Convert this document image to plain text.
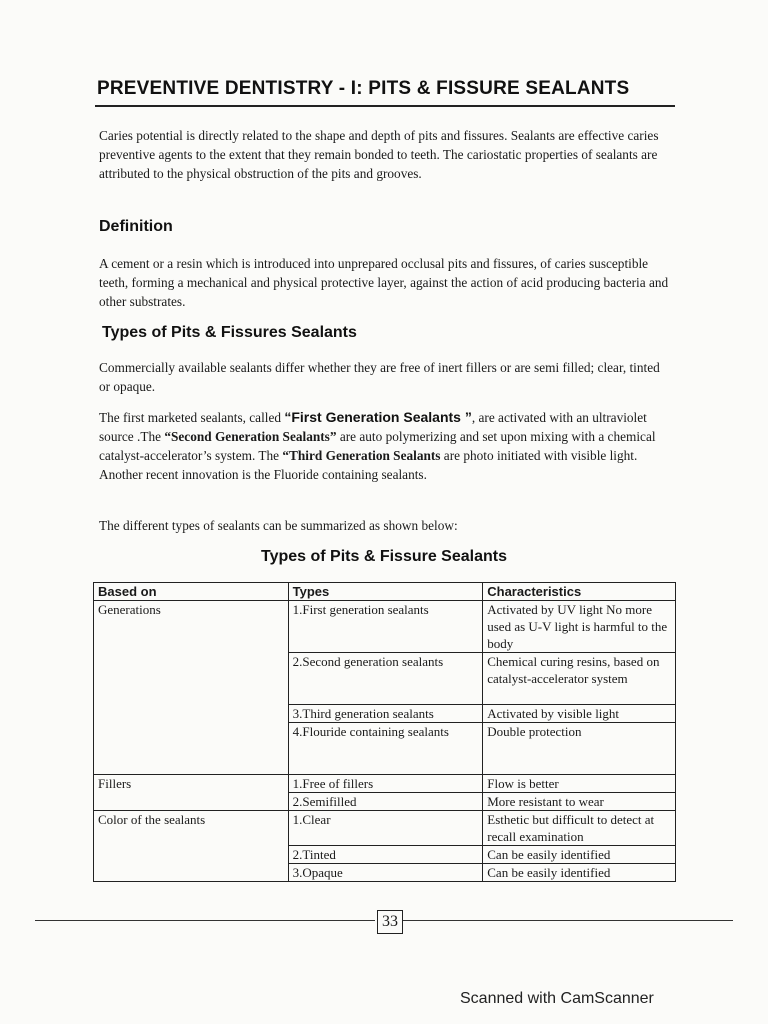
PREVENTIVE DENTISTRY - I: PITS & FISSURE SEALANTS

Caries potential is directly related to the shape and depth of pits and fissures. Sealants are effective caries preventive agents to the extent that they remain bonded to teeth. The cariostatic properties of sealants are attributed to the physical obstruction of the pits and grooves.

Definition

A cement or a resin which is introduced into unprepared occlusal pits and fissures, of caries susceptible teeth, forming a mechanical and physical protective layer, against the action of acid producing bacteria and other substrates.

Types of Pits & Fissures Sealants

Commercially available sealants differ whether they are free of inert fillers or are semi filled; clear, tinted or opaque.

The first marketed sealants, called “First Generation Sealants ”, are activated with an ultraviolet source .The “Second Generation Sealants” are auto polymerizing and set upon mixing with a chemical catalyst-accelerator’s system. The “Third Generation Sealants are photo initiated with visible light. Another recent innovation is the Fluoride containing sealants.

The different types of sealants can be summarized as shown below:

Types of Pits & Fissure Sealants
Based on	Types	Characteristics
Generations	1.First generation sealants	Activated by UV light No more used as U-V light is harmful to the body
	2.Second generation sealants	Chemical curing resins, based on catalyst-accelerator system
	3.Third generation sealants	Activated by visible light
	4.Flouride containing sealants	Double protection
Fillers	1.Free of fillers	Flow is better
	2.Semifilled	More resistant to wear
Color of the sealants	1.Clear	Esthetic but difficult to detect at recall examination
	2.Tinted	Can be easily identified
	3.Opaque	Can be easily identified
33
Scanned with CamScanner
